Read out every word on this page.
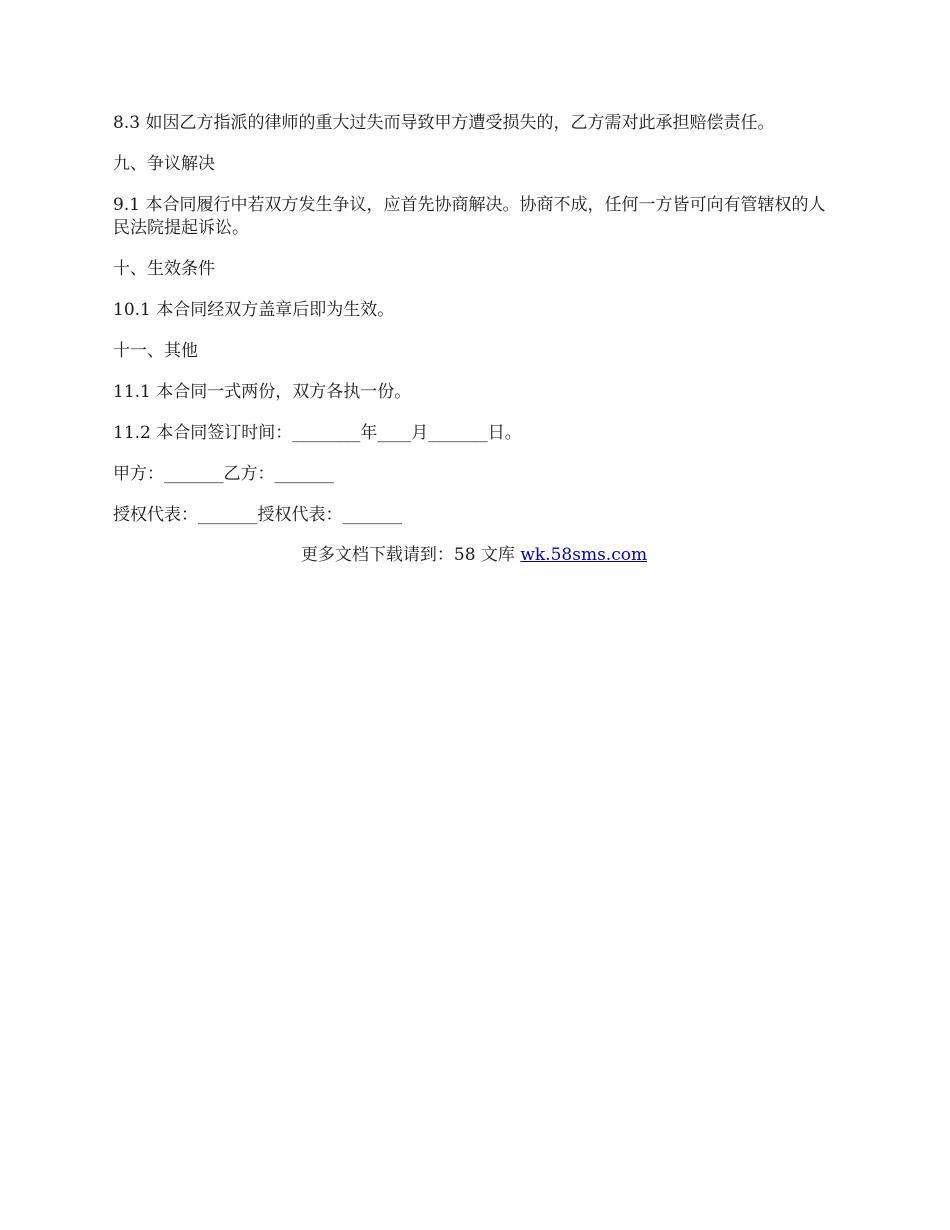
8.3 如因乙方指派的律师的重大过失而导致甲方遭受损失的，乙方需对此承担赔偿责任。

九、争议解决

9.1 本合同履行中若双方发生争议，应首先协商解决。协商不成，任何一方皆可向有管辖权的人民法院提起诉讼。

十、生效条件

10.1 本合同经双方盖章后即为生效。

十一、其他

11.1 本合同一式两份，双方各执一份。

11.2 本合同签订时间：________年____月_______日。

甲方：_______乙方：_______

授权代表：_______授权代表：_______

更多文档下载请到：58 文库 wk.58sms.com
